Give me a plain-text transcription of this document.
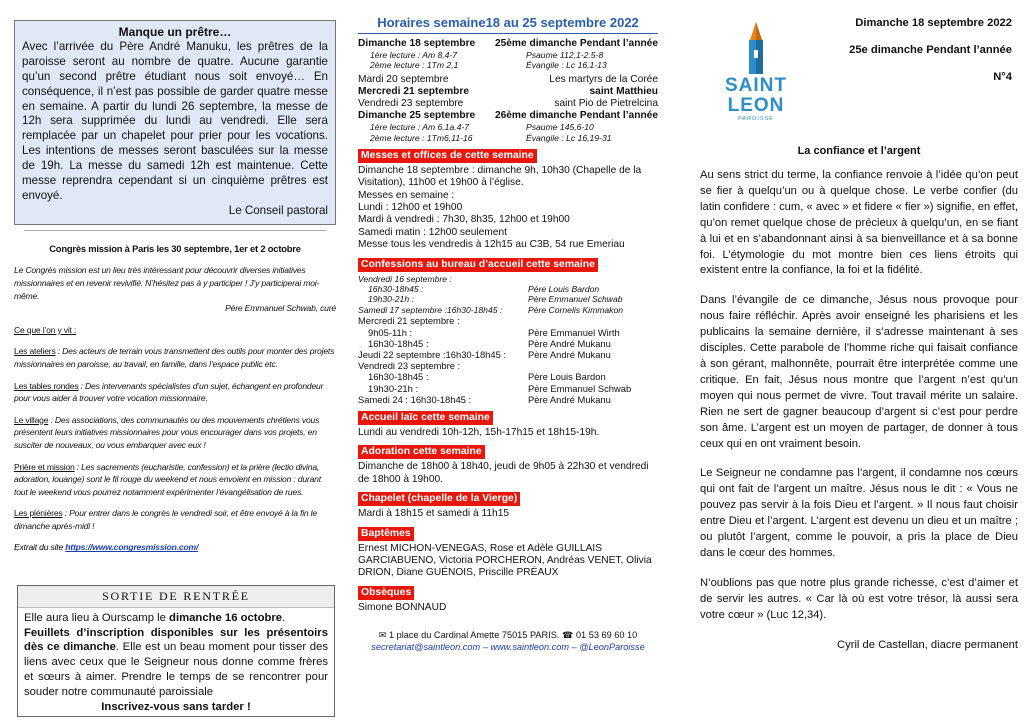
Manque un prêtre…
Avec l’arrivée du Père André Manuku, les prêtres de la paroisse seront au nombre de quatre. Aucune garantie qu’un second prêtre étudiant nous soit envoyé… En conséquence, il n’est pas possible de garder quatre messe en semaine. A partir du lundi 26 septembre, la messe de 12h sera supprimée du lundi au vendredi. Elle sera remplacée par un chapelet pour prier pour les vocations. Les intentions de messes seront basculées sur la messe de 19h. La messe du samedi 12h est maintenue. Cette messe reprendra cependant si un cinquième prêtres est envoyé.
Le Conseil pastoral
Congrès mission à Paris les 30 septembre, 1er et 2 octobre

Le Congrès mission est un lieu très intéressant pour découvrir diverses initiatives missionnaires et en revenir revivifié. N’hésitez pas à y participer ! J’y participerai moi-même.

Père Emmanuel Schwab, curé

Ce que l’on y vit :

Les ateliers : Des acteurs de terrain vous transmettent des outils pour monter des projets missionnaires en paroisse, au travail, en famille, dans l’espace public etc.

Les tables rondes : Des intervenants spécialistes d’un sujet, échangent en profondeur pour vous aider à trouver votre vocation missionnaire.

Le village : Des associations, des communautés ou des mouvements chrétiens vous présentent leurs initiatives missionnaires pour vous encourager dans vos projets, en susciter de nouveaux, ou vous embarquer avec eux !

Prière et mission : Les sacrements (eucharistie, confession) et la prière (lectio divina, adoration, louange) sont le fil rouge du weekend et nous envoient en mission : durant tout le weekend vous pourrez notamment expérimenter l’évangélisation de rues.

Les plénières : Pour entrer dans le congrès le vendredi soir, et être envoyé à la fin le dimanche après-midi !

Extrait du site https://www.congresmission.com/

SORTIE DE RENTRÉE
Elle aura lieu à Ourscamp le dimanche 16 octobre.
Feuillets d’inscription disponibles sur les présentoirs dès ce dimanche. Elle est un beau moment pour tisser des liens avec ceux que le Seigneur nous donne comme frères et sœurs à aimer. Prendre le temps de se rencontrer pour souder notre communauté paroissiale
Inscrivez-vous sans tarder !
Horaires semaine18 au 25 septembre 2022
Dimanche 18 septembre 25ème dimanche Pendant l’année
1ère lecture : Am 8,4-7	Psaume 112,1-2.5-8
2ème lecture : 1Tm 2,1	Évangile : Lc 16,1-13
Mardi 20 septembre	Les martyrs de la Corée
Mercredi 21 septembre	saint Matthieu
Vendredi 23 septembre	saint Pio de Pietrelcina
Dimanche 25 septembre 26ème dimanche Pendant l’année
1ère lecture : Am 6,1a.4-7	Psaume 145,6-10
2ème lecture : 1Tm6,11-16	Évangile : Lc 16,19-31
Messes et offices de cette semaine
Dimanche 18 septembre : dimanche 9h, 10h30 (Chapelle de la Visitation), 11h00 et 19h00 à l’église.
Messes en semaine :
Lundi : 12h00 et 19h00
Mardi à vendredi : 7h30, 8h35, 12h00 et 19h00
Samedi matin : 12h00 seulement
Messe tous les vendredis à 12h15 au C3B, 54 rue Emeriau
Confessions au bureau d’accueil cette semaine
Vendredi 16 septembre :
16h30-18h45 :	Père Louis Bardon
19h30-21h :	Père Emmanuel Schwab
Samedi 17 septembre :16h30-18h45 :	Père Cornelis Kimmakon
Mercredi 21 septembre :
9h05-11h :	Père Emmanuel Wirth
16h30-18h45 :	Père André Mukanu
Jeudi 22 septembre :16h30-18h45 :	Père André Mukanu
Vendredi 23 septembre :
16h30-18h45 :	Père Louis Bardon
19h30-21h :	Père Emmanuel Schwab
Samedi 24 : 16h30-18h45 :	Père André Mukanu
Accueil laïc cette semaine
Lundi au vendredi 10h-12h, 15h-17h15 et 18h15-19h.
Adoration cette semaine
Dimanche de 18h00 à 18h40, jeudi de 9h05 à 22h30 et vendredi de 18h00 à 19h00.
Chapelet (chapelle de la Vierge)
Mardi à 18h15 et samedi à 11h15
Baptêmes
Ernest MICHON-VENEGAS, Rose et Adèle GUILLAIS GARCIABUENO, Victoria PORCHERON, Andréas VENET, Olivia DRION, Diane GUÉNOIS, Priscille PRÉAUX
Obsèques
Simone BONNAUD
✉ 1 place du Cardinal Amette 75015 PARIS. ☎ 01 53 69 60 10
secretariat@saintleon.com – www.saintleon.com – @LeonParoisse
SAINT LEON
PAROISSE
Dimanche 18 septembre 2022
25e dimanche Pendant l’année
N°4
La confiance et l’argent

Au sens strict du terme, la confiance renvoie à l’idée qu’on peut se fier à quelqu’un ou à quelque chose. Le verbe confier (du latin confidere : cum, « avec » et fidere « fier ») signifie, en effet, qu’on remet quelque chose de précieux à quelqu’un, en se fiant à lui et en s’abandonnant ainsi à sa bienveillance et à sa bonne foi. L’étymologie du mot montre bien ces liens étroits qui existent entre la confiance, la foi et la fidélité.

Dans l’évangile de ce dimanche, Jésus nous provoque pour nous faire réfléchir. Après avoir enseigné les pharisiens et les publicains la semaine dernière, il s’adresse maintenant à ses disciples. Cette parabole de l’homme riche qui faisait confiance à son gérant, malhonnête, pourrait être interprétée comme une critique. En fait, Jésus nous montre que l’argent n’est qu’un moyen qui nous permet de vivre. Tout travail mérite un salaire. Rien ne sert de gagner beaucoup d’argent si c’est pour perdre son âme. L’argent est un moyen de partager, de donner à tous ceux qui en ont vraiment besoin.

Le Seigneur ne condamne pas l’argent, il condamne nos cœurs qui ont fait de l’argent un maître. Jésus nous le dit : « Vous ne pouvez pas servir à la fois Dieu et l’argent. » Il nous faut choisir entre Dieu et l’argent. L’argent est devenu un dieu et un maître ; ou plutôt l’argent, comme le pouvoir, a pris la place de Dieu dans le cœur des hommes.

N’oublions pas que notre plus grande richesse, c’est d’aimer et de servir les autres. « Car là où est votre trésor, là aussi sera votre cœur » (Luc 12,34).

Cyril de Castellan, diacre permanent
